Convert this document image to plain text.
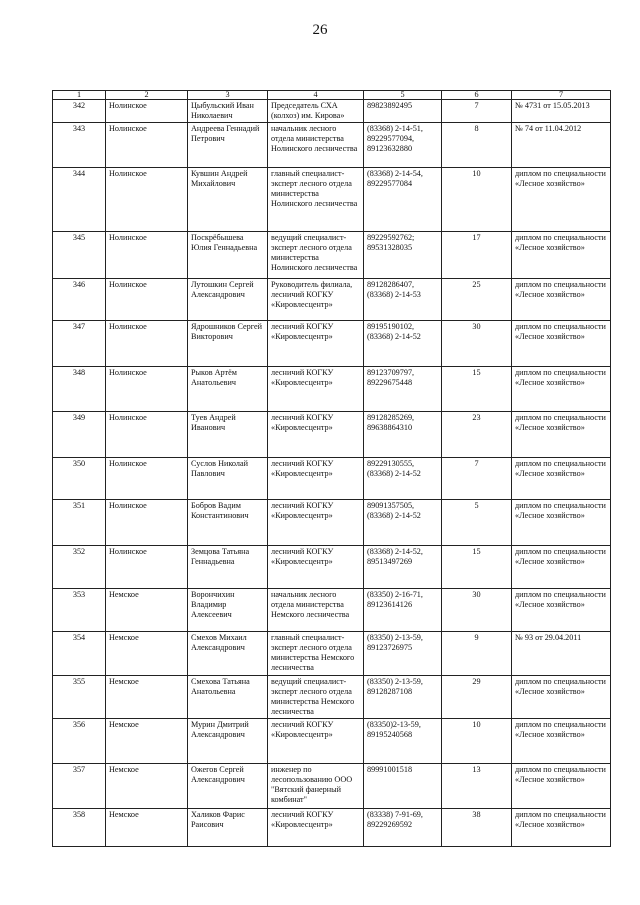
26
1	2	3	4	5	6	7
342	Нолинское	Цыбульский Иван Николаевич	Председатель СХА (колхоз) им. Кирова»	89823892495	7	№ 4731 от 15.05.2013
343	Нолинское	Андреева Геннадий Петрович	начальник лесного отдела министерства Нолинского лесничества	(83368) 2-14-51, 89229577094, 89123632880	8	№ 74 от 11.04.2012
344	Нолинское	Кувшин Андрей Михайлович	главный специалист-эксперт лесного отдела министерства Нолинского лесничества	(83368) 2-14-54, 89229577084	10	диплом по специальности «Лесное хозяйство»
345	Нолинское	Поскрёбышева Юлия Геннадьевна	ведущий специалист-эксперт лесного отдела министерства Нолинского лесничества	89229592762; 89531328035	17	диплом по специальности «Лесное хозяйство»
346	Нолинское	Лутошкин Сергей Александрович	Руководитель филиала, лесничий КОГКУ «Кировлесцентр»	89128286407, (83368) 2-14-53	25	диплом по специальности «Лесное хозяйство»
347	Нолинское	Ядрошников Сергей Викторович	лесничий КОГКУ «Кировлесцентр»	89195190102, (83368) 2-14-52	30	диплом по специальности «Лесное хозяйство»
348	Нолинское	Рыков Артём Анатольевич	лесничий КОГКУ «Кировлесцентр»	89123709797, 89229675448	15	диплом по специальности «Лесное хозяйство»
349	Нолинское	Туев Андрей Иванович	лесничий КОГКУ «Кировлесцентр»	89128285269, 89638864310	23	диплом по специальности «Лесное хозяйство»
350	Нолинское	Суслов Николай Павлович	лесничий КОГКУ «Кировлесцентр»	89229130555, (83368) 2-14-52	7	диплом по специальности «Лесное хозяйство»
351	Нолинское	Бобров Вадим Константинович	лесничий КОГКУ «Кировлесцентр»	89091357505, (83368) 2-14-52	5	диплом по специальности «Лесное хозяйство»
352	Нолинское	Земцова Татьяна Геннадьевна	лесничий КОГКУ «Кировлесцентр»	(83368) 2-14-52, 89513497269	15	диплом по специальности «Лесное хозяйство»
353	Немское	Ворончихин Владимир Алексеевич	начальник лесного отдела министерства Немского лесничества	(83350) 2-16-71, 89123614126	30	диплом по специальности «Лесное хозяйство»
354	Немское	Смехов Михаил Александрович	главный специалист-эксперт лесного отдела министерства Немского лесничества	(83350) 2-13-59, 89123726975	9	№ 93 от 29.04.2011
355	Немское	Смехова Татьяна Анатольевна	ведущий специалист-эксперт лесного отдела министерства Немского лесничества	(83350) 2-13-59, 89128287108	29	диплом по специальности «Лесное хозяйство»
356	Немское	Мурин Дмитрий Александрович	лесничий КОГКУ «Кировлесцентр»	(83350)2-13-59, 89195240568	10	диплом по специальности «Лесное хозяйство»
357	Немское	Ожегов Сергей Александрович	инженер по лесопользованию ООО "Вятский фанерный комбинат"	89991001518	13	диплом по специальности «Лесное хозяйство»
358	Немское	Халиков Фарис Раисович	лесничий КОГКУ «Кировлесцентр»	(83338) 7-91-69, 89229269592	38	диплом по специальности «Лесное хозяйство»
